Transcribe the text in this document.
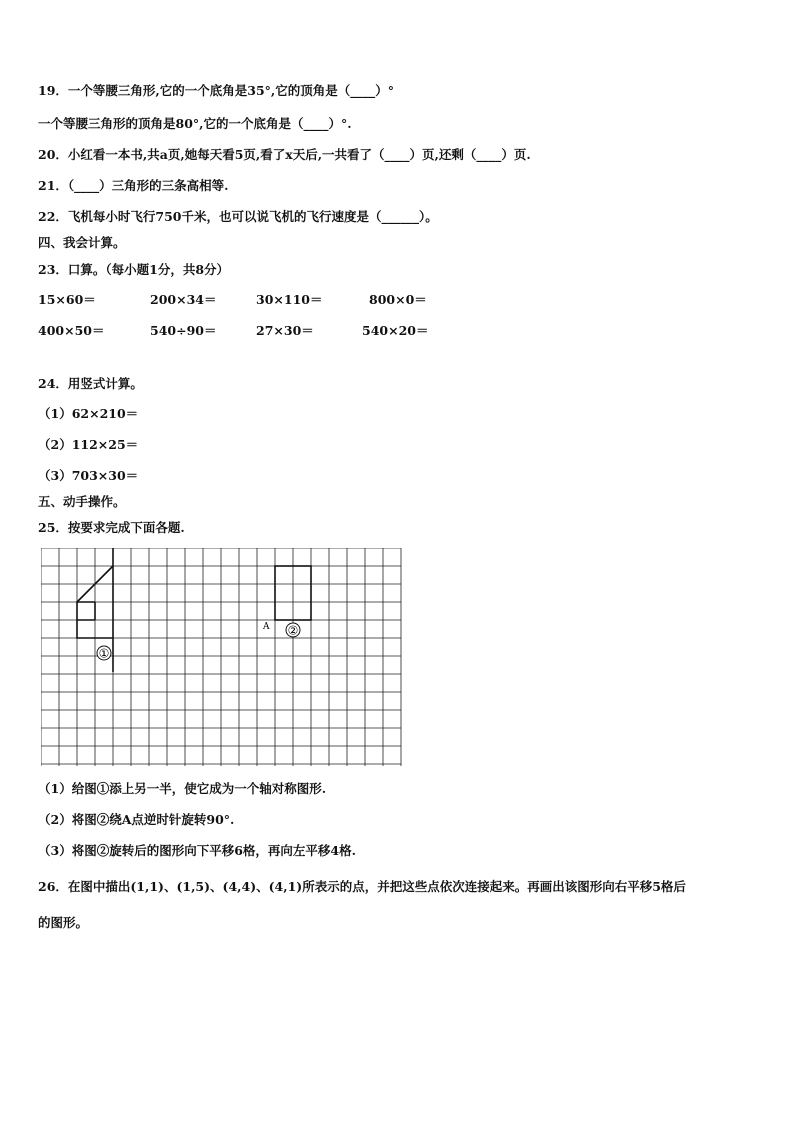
19．一个等腰三角形,它的一个底角是35°,它的顶角是（____）°
一个等腰三角形的顶角是80°,它的一个底角是（____）°.
20．小红看一本书,共a页,她每天看5页,看了x天后,一共看了（____）页,还剩（____）页.
21．（____）三角形的三条高相等.
22．飞机每小时飞行750千米，也可以说飞机的飞行速度是（______）。
四、我会计算。
23．口算。（每小题1分，共8分）
15×60＝	200×34＝	30×110＝	800×0＝
400×50＝	540÷90＝	27×30＝	540×20＝
24．用竖式计算。
（1）62×210＝
（2）112×25＝
（3）703×30＝
五、动手操作。
25．按要求完成下面各题.
①
②
A
（1）给图①添上另一半，使它成为一个轴对称图形.
（2）将图②绕A点逆时针旋转90°.
（3）将图②旋转后的图形向下平移6格，再向左平移4格.
26．在图中描出(1,1)、(1,5)、(4,4)、(4,1)所表示的点，并把这些点依次连接起来。再画出该图形向右平移5格后
的图形。
